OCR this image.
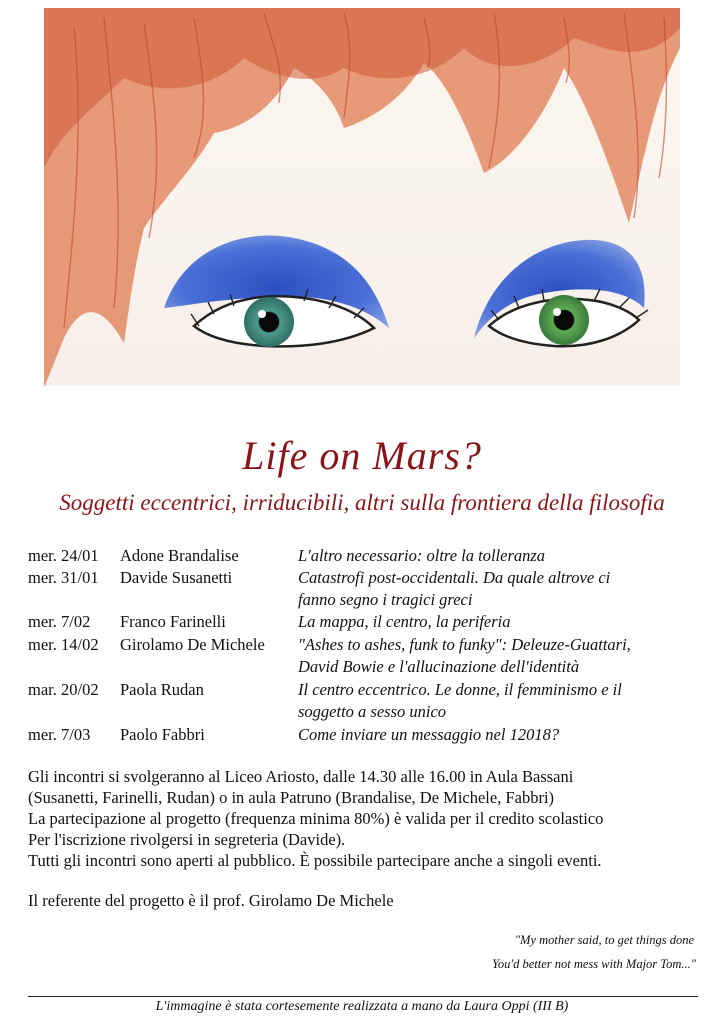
Life on Mars?
Soggetti eccentrici, irriducibili, altri sulla frontiera della filosofia
mer. 24/01 Adone Brandalise	L'altro necessario: oltre la tolleranza
mer. 31/01 Davide Susanetti	Catastrofi post-occidentali. Da quale altrove ci
fanno segno i tragici greci
mer. 7/02 Franco Farinelli	La mappa, il centro, la periferia
mer. 14/02 Girolamo De Michele "Ashes to ashes, funk to funky": Deleuze-Guattari,
David Bowie e l'allucinazione dell'identità
mar. 20/02 Paola Rudan	Il centro eccentrico. Le donne, il femminismo e il
soggetto a sesso unico
mer. 7/03 Paolo Fabbri	Come inviare un messaggio nel 12018?
Gli incontri si svolgeranno al Liceo Ariosto, dalle 14.30 alle 16.00 in Aula Bassani
(Susanetti, Farinelli, Rudan) o in aula Patruno (Brandalise, De Michele, Fabbri)
La partecipazione al progetto (frequenza minima 80%) è valida per il credito scolastico
Per l'iscrizione rivolgersi in segreteria (Davide).
Tutti gli incontri sono aperti al pubblico. È possibile partecipare anche a singoli eventi.
Il referente del progetto è il prof. Girolamo De Michele
"My mother said, to get things done
You'd better not mess with Major Tom..."
L'immagine è stata cortesemente realizzata a mano da Laura Oppi (III B)
